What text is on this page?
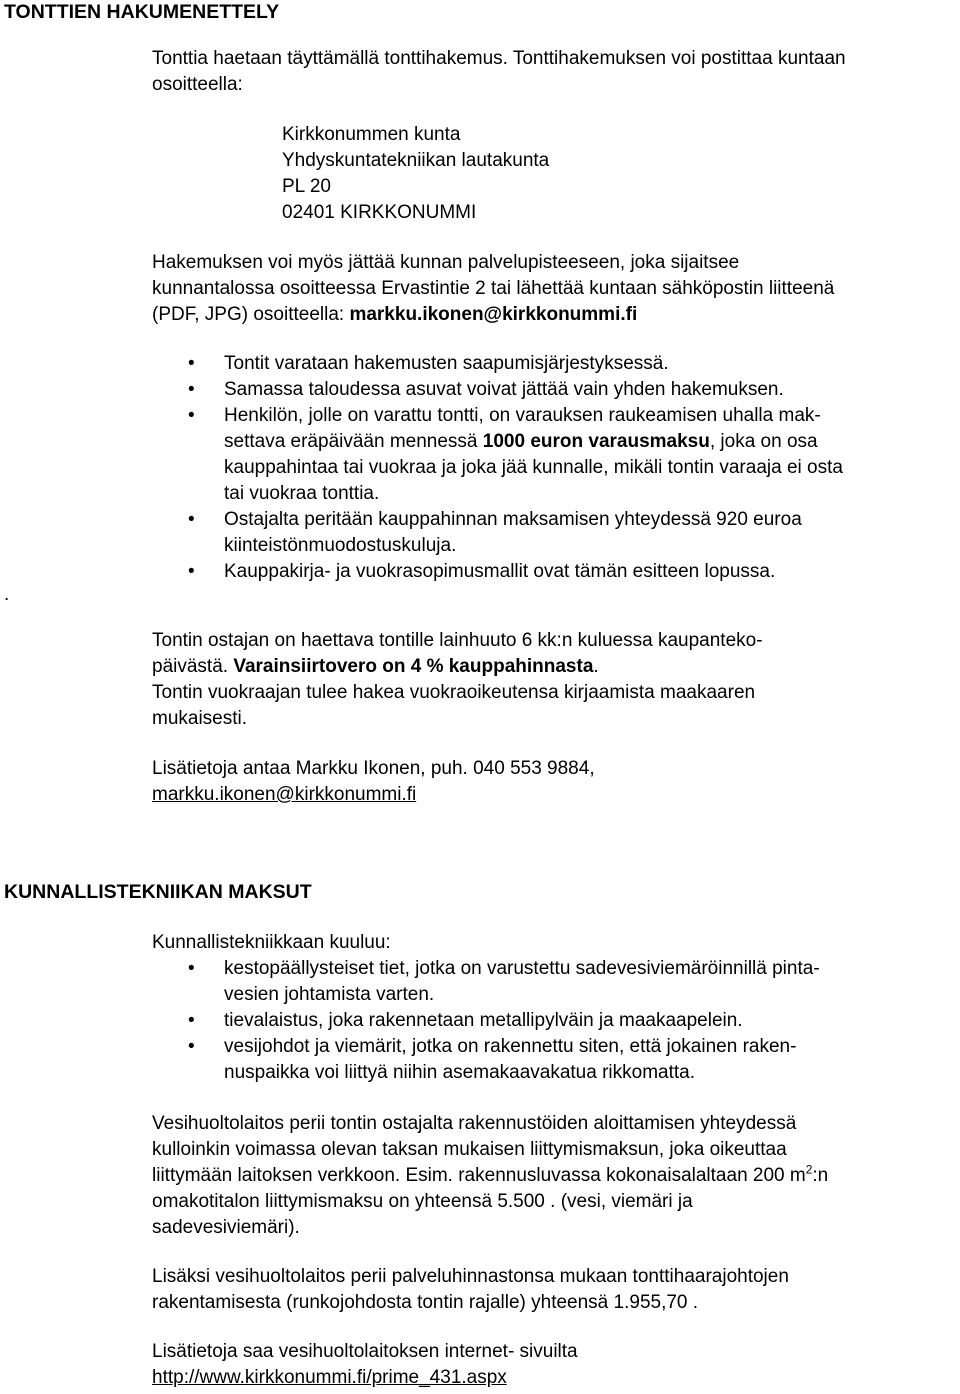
TONTTIEN HAKUMENETTELY
Tonttia haetaan täyttämällä tonttihakemus. Tonttihakemuksen voi postittaa kuntaan
osoitteella:
Kirkkonummen kunta
Yhdyskuntatekniikan lautakunta
PL 20
02401 KIRKKONUMMI
Hakemuksen voi myös jättää kunnan palvelupisteeseen, joka sijaitsee
kunnantalossa osoitteessa Ervastintie 2 tai lähettää kuntaan sähköpostin liitteenä
(PDF, JPG) osoitteella: markku.ikonen@kirkkonummi.fi
.
•
Tontit varataan hakemusten saapumisjärjestyksessä.
•
Samassa taloudessa asuvat voivat jättää vain yhden hakemuksen.
•
Henkilön, jolle on varattu tontti, on varauksen raukeamisen uhalla mak-
settava eräpäivään mennessä 1000 euron varausmaksu, joka on osa
kauppahintaa tai vuokraa ja joka jää kunnalle, mikäli tontin varaaja ei osta
tai vuokraa tonttia.
•
Ostajalta peritään kauppahinnan maksamisen yhteydessä 920 euroa
kiinteistönmuodostuskuluja.
•
Kauppakirja- ja vuokrasopimusmallit ovat tämän esitteen lopussa.
Tontin ostajan on haettava tontille lainhuuto 6 kk:n kuluessa kaupanteko-
päivästä. Varainsiirtovero on 4 % kauppahinnasta.
Tontin vuokraajan tulee hakea vuokraoikeutensa kirjaamista maakaaren
mukaisesti.
Lisätietoja antaa Markku Ikonen, puh. 040 553 9884,
markku.ikonen@kirkkonummi.fi
KUNNALLISTEKNIIKAN MAKSUT
Kunnallistekniikkaan kuuluu:
•
kestopäällysteiset tiet, jotka on varustettu sadevesiviemäröinnillä pinta-
vesien johtamista varten.
•
tievalaistus, joka rakennetaan metallipylväin ja maakaapelein.
•
vesijohdot ja viemärit, jotka on rakennettu siten, että jokainen raken-
nuspaikka voi liittyä niihin asemakaavakatua rikkomatta.
Vesihuoltolaitos perii tontin ostajalta rakennustöiden aloittamisen yhteydessä
kulloinkin voimassa olevan taksan mukaisen liittymismaksun, joka oikeuttaa
liittymään laitoksen verkkoon. Esim. rakennusluvassa kokonaisalaltaan 200 $m^2:n$
omakotitalon liittymismaksu on yhteensä 5.500 . (vesi, viemäri ja
sadevesiviemäri).
Lisäksi vesihuoltolaitos perii palveluhinnastonsa mukaan tonttihaarajohtojen
rakentamisesta (runkojohdosta tontin rajalle) yhteensä 1.955,70 .
Lisätietoja saa vesihuoltolaitoksen internet- sivuilta
http://www.kirkkonummi.fi/prime_431.aspx
